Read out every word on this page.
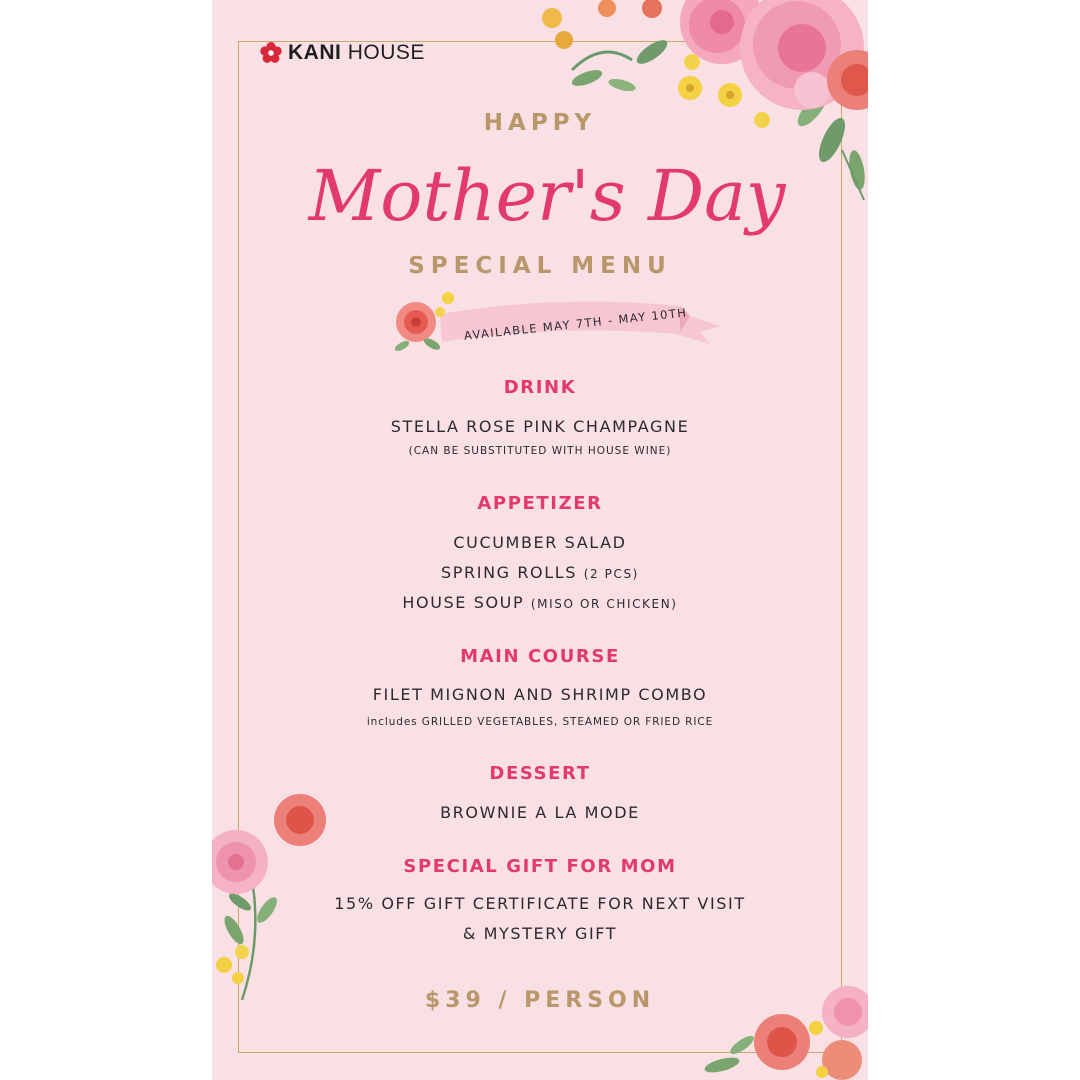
KANI HOUSE
HAPPY
Mother's Day
SPECIAL MENU
AVAILABLE MAY 7TH - MAY 10TH
DRINK
STELLA ROSE PINK CHAMPAGNE
(CAN BE SUBSTITUTED WITH HOUSE WINE)
APPETIZER
CUCUMBER SALAD
SPRING ROLLS (2 PCS)
HOUSE SOUP (MISO OR CHICKEN)
MAIN COURSE
FILET MIGNON AND SHRIMP COMBO
includes GRILLED VEGETABLES, STEAMED OR FRIED RICE
DESSERT
BROWNIE A LA MODE
SPECIAL GIFT FOR MOM
15% OFF GIFT CERTIFICATE FOR NEXT VISIT
& MYSTERY GIFT
$39 / PERSON
